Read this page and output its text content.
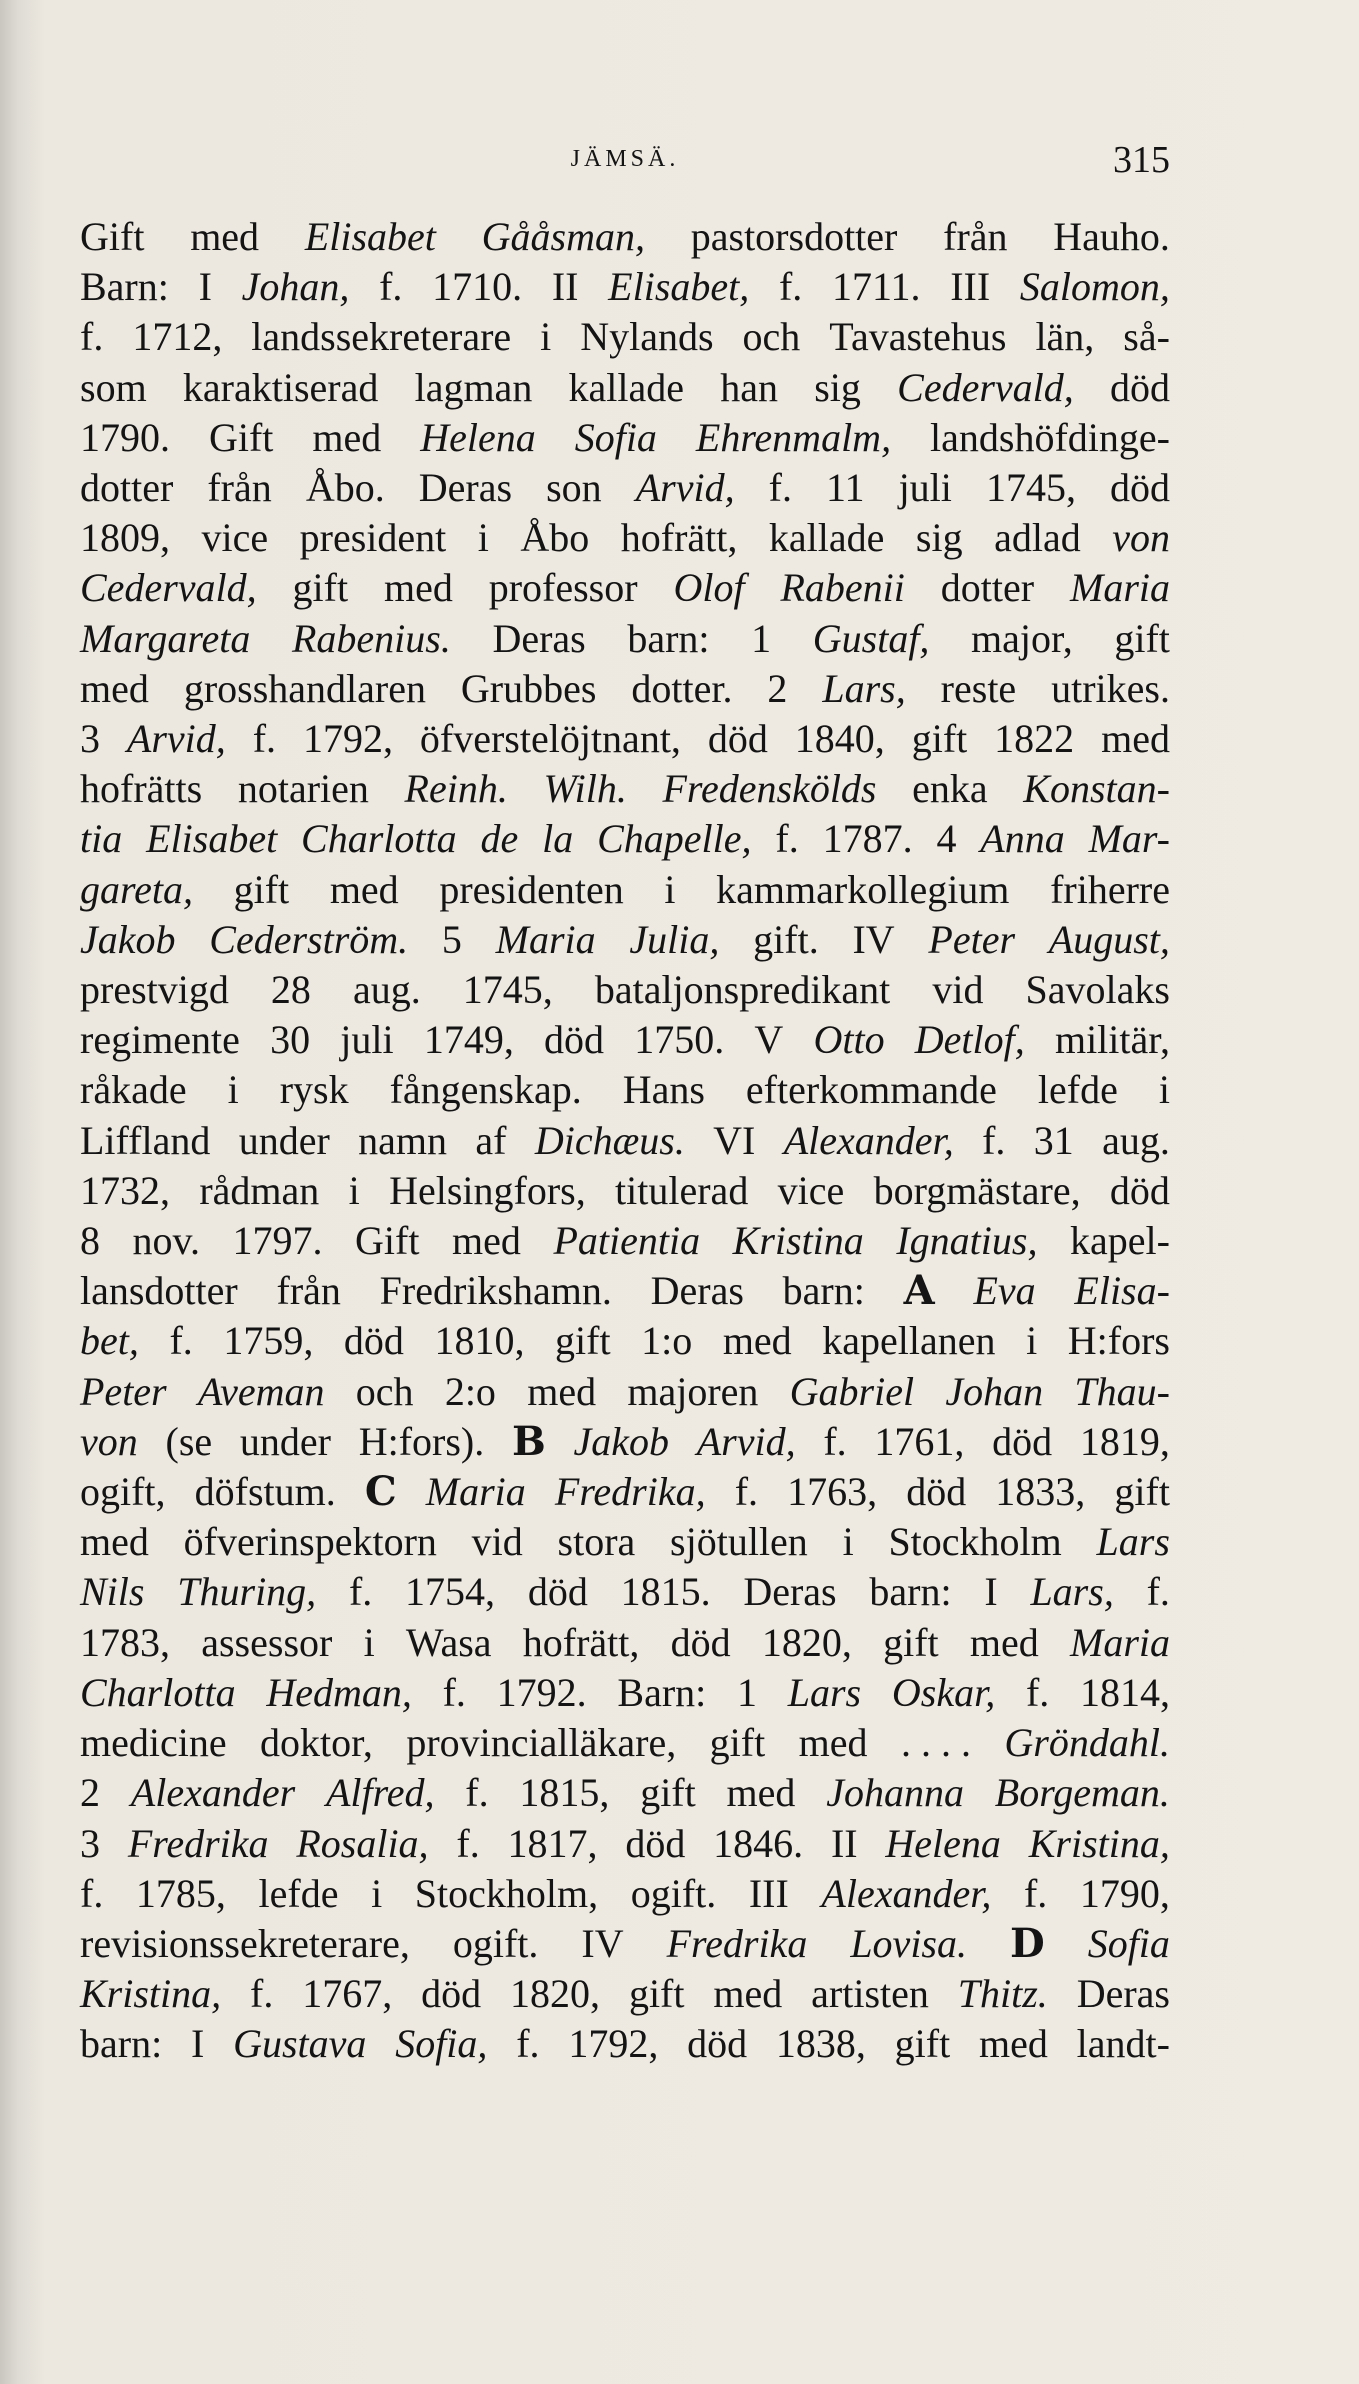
JÄMSÄ.	315
Gift med Elisabet Gååsman, pastorsdotter från Hauho.
Barn: I Johan, f. 1710. II Elisabet, f. 1711. III Salomon,
f. 1712, landssekreterare i Nylands och Tavastehus län, så-
som karaktiserad lagman kallade han sig Cedervald, död
1790. Gift med Helena Sofia Ehrenmalm, landshöfdinge-
dotter från Åbo. Deras son Arvid, f. 11 juli 1745, död
1809, vice president i Åbo hofrätt, kallade sig adlad von
Cedervald, gift med professor Olof Rabenii dotter Maria
Margareta Rabenius. Deras barn: 1 Gustaf, major, gift
med grosshandlaren Grubbes dotter. 2 Lars, reste utrikes.
3 Arvid, f. 1792, öfverstelöjtnant, död 1840, gift 1822 med
hofrätts notarien Reinh. Wilh. Fredenskölds enka Konstan-
tia Elisabet Charlotta de la Chapelle, f. 1787. 4 Anna Mar-
gareta, gift med presidenten i kammarkollegium friherre
Jakob Cederström. 5 Maria Julia, gift. IV Peter August,
prestvigd 28 aug. 1745, bataljonspredikant vid Savolaks
regimente 30 juli 1749, död 1750. V Otto Detlof, militär,
råkade i rysk fångenskap. Hans efterkommande lefde i
Liffland under namn af Dichæus. VI Alexander, f. 31 aug.
1732, rådman i Helsingfors, titulerad vice borgmästare, död
8 nov. 1797. Gift med Patientia Kristina Ignatius, kapel-
lansdotter från Fredrikshamn. Deras barn: A Eva Elisa-
bet, f. 1759, död 1810, gift 1:o med kapellanen i H:fors
Peter Aveman och 2:o med majoren Gabriel Johan Thau-
von (se under H:fors). B Jakob Arvid, f. 1761, död 1819,
ogift, döfstum. C Maria Fredrika, f. 1763, död 1833, gift
med öfverinspektorn vid stora sjötullen i Stockholm Lars
Nils Thuring, f. 1754, död 1815. Deras barn: I Lars, f.
1783, assessor i Wasa hofrätt, död 1820, gift med Maria
Charlotta Hedman, f. 1792. Barn: 1 Lars Oskar, f. 1814,
medicine doktor, provincialläkare, gift med . . . . Gröndahl.
2 Alexander Alfred, f. 1815, gift med Johanna Borgeman.
3 Fredrika Rosalia, f. 1817, död 1846. II Helena Kristina,
f. 1785, lefde i Stockholm, ogift. III Alexander, f. 1790,
revisionssekreterare, ogift. IV Fredrika Lovisa. D Sofia
Kristina, f. 1767, död 1820, gift med artisten Thitz. Deras
barn: I Gustava Sofia, f. 1792, död 1838, gift med landt-
